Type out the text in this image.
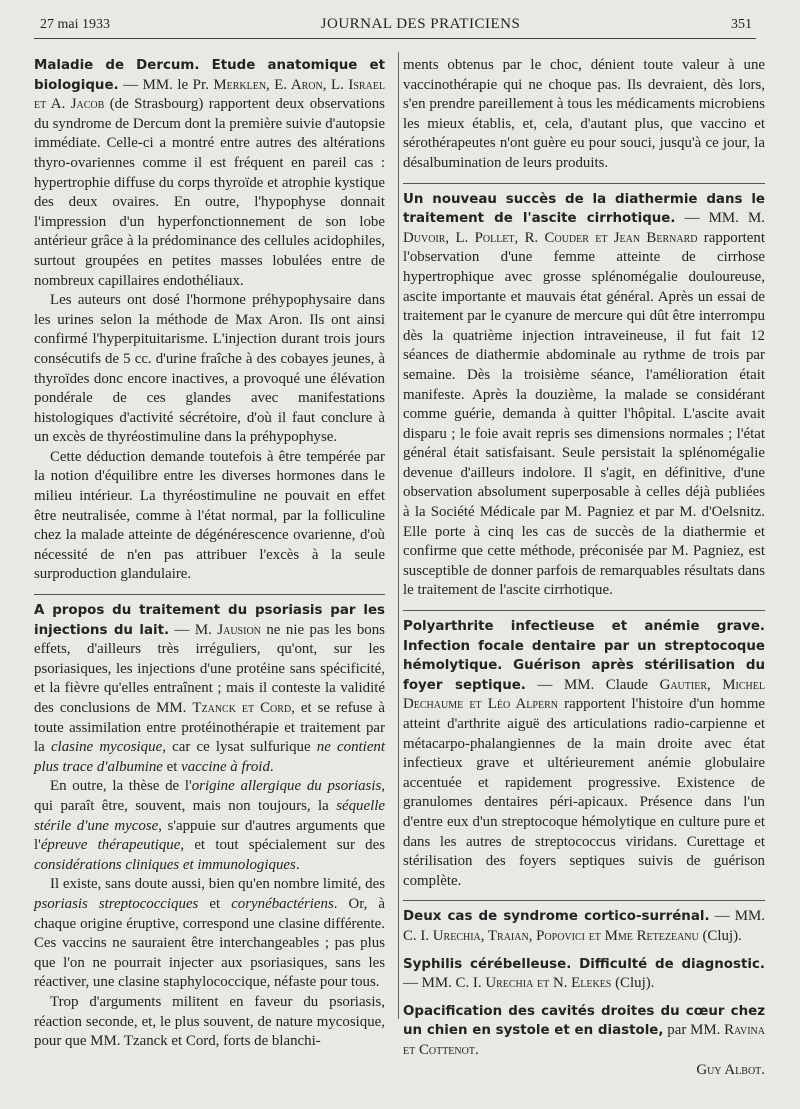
27 mai 1933	JOURNAL DES PRATICIENS	351

Maladie de Dercum. Etude anatomique et biologique. — MM. le Pr. Merklen, E. Aron, L. Israel et A. Jacob (de Strasbourg) rapportent deux observations du syndrome de Dercum dont la première suivie d'autopsie immédiate. Celle-ci a montré entre autres des altérations thyro-ovariennes comme il est fréquent en pareil cas : hypertrophie diffuse du corps thyroïde et atrophie kystique des deux ovaires. En outre, l'hypophyse donnait l'impression d'un hyperfonctionnement de son lobe antérieur grâce à la prédominance des cellules acidophiles, surtout groupées en petites masses lobulées entre de nombreux capillaires endothéliaux.

Les auteurs ont dosé l'hormone préhypophysaire dans les urines selon la méthode de Max Aron. Ils ont ainsi confirmé l'hyperpituitarisme. L'injection durant trois jours consécutifs de 5 cc. d'urine fraîche à des cobayes jeunes, à thyroïdes donc encore inactives, a provoqué une élévation pondérale de ces glandes avec manifestations histologiques d'activité sécrétoire, d'où il faut conclure à un excès de thyréostimuline dans la préhypophyse.

Cette déduction demande toutefois à être tempérée par la notion d'équilibre entre les diverses hormones dans le milieu intérieur. La thyréostimuline ne pouvait en effet être neutralisée, comme à l'état normal, par la folliculine chez la malade atteinte de dégénérescence ovarienne, d'où nécessité de n'en pas attribuer l'excès à la seule surproduction glandulaire.

A propos du traitement du psoriasis par les injections du lait. — M. Jausion ne nie pas les bons effets, d'ailleurs très irréguliers, qu'ont, sur les psoriasiques, les injections d'une protéine sans spécificité, et la fièvre qu'elles entraînent ; mais il conteste la validité des conclusions de MM. Tzanck et Cord, et se refuse à toute assimilation entre protéinothérapie et traitement par la clasine mycosique, car ce lysat sulfurique ne contient plus trace d'albumine et vaccine à froid.

En outre, la thèse de l'origine allergique du psoriasis, qui paraît être, souvent, mais non toujours, la séquelle stérile d'une mycose, s'appuie sur d'autres arguments que l'épreuve thérapeutique, et tout spécialement sur des considérations cliniques et immunologiques.

Il existe, sans doute aussi, bien qu'en nombre limité, des psoriasis streptococciques et corynébactériens. Or, à chaque origine éruptive, correspond une clasine différente. Ces vaccins ne sauraient être interchangeables ; pas plus que l'on ne pourrait injecter aux psoriasiques, sans les réactiver, une clasine staphylococcique, néfaste pour tous.

Trop d'arguments militent en faveur du psoriasis, réaction seconde, et, le plus souvent, de nature mycosique, pour que MM. Tzanck et Cord, forts de blanchi-

ments obtenus par le choc, dénient toute valeur à une vaccinothérapie qui ne choque pas. Ils devraient, dès lors, s'en prendre pareillement à tous les médicaments microbiens les mieux établis, et, cela, d'autant plus, que vaccino et sérothérapeutes n'ont guère eu pour souci, jusqu'à ce jour, la désalbumination de leurs produits.

Un nouveau succès de la diathermie dans le traitement de l'ascite cirrhotique. — MM. M. Duvoir, L. Pollet, R. Couder et Jean Bernard rapportent l'observation d'une femme atteinte de cirrhose hypertrophique avec grosse splénomégalie douloureuse, ascite importante et mauvais état général. Après un essai de traitement par le cyanure de mercure qui dût être interrompu dès la quatrième injection intraveineuse, il fut fait 12 séances de diathermie abdominale au rythme de trois par semaine. Dès la troisième séance, l'amélioration était manifeste. Après la douzième, la malade se considérant comme guérie, demanda à quitter l'hôpital. L'ascite avait disparu ; le foie avait repris ses dimensions normales ; l'état général était satisfaisant. Seule persistait la splénomégalie devenue d'ailleurs indolore. Il s'agit, en définitive, d'une observation absolument superposable à celles déjà publiées à la Société Médicale par M. Pagniez et par M. d'Oelsnitz. Elle porte à cinq les cas de succès de la diathermie et confirme que cette méthode, préconisée par M. Pagniez, est susceptible de donner parfois de remarquables résultats dans le traitement de l'ascite cirrhotique.

Polyarthrite infectieuse et anémie grave. Infection focale dentaire par un streptocoque hémolytique. Guérison après stérilisation du foyer septique. — MM. Claude Gautier, Michel Dechaume et Léo Alpern rapportent l'histoire d'un homme atteint d'arthrite aiguë des articulations radio-carpienne et métacarpo-phalangiennes de la main droite avec état infectieux grave et ultérieurement anémie globulaire accentuée et rapidement progressive. Existence de granulomes dentaires péri-apicaux. Présence dans l'un d'entre eux d'un streptocoque hémolytique en culture pure et dans les autres de streptococcus viridans. Curettage et stérilisation des foyers septiques suivis de guérison complète.

Deux cas de syndrome cortico-surrénal. — MM. C. I. Urechia, Traian, Popovici et Mme Retezeanu (Cluj).

Syphilis cérébelleuse. Difficulté de diagnostic. — MM. C. I. Urechia et N. Elekes (Cluj).

Opacification des cavités droites du cœur chez un chien en systole et en diastole, par MM. Ravina et Cottenot.

Guy Albot.
